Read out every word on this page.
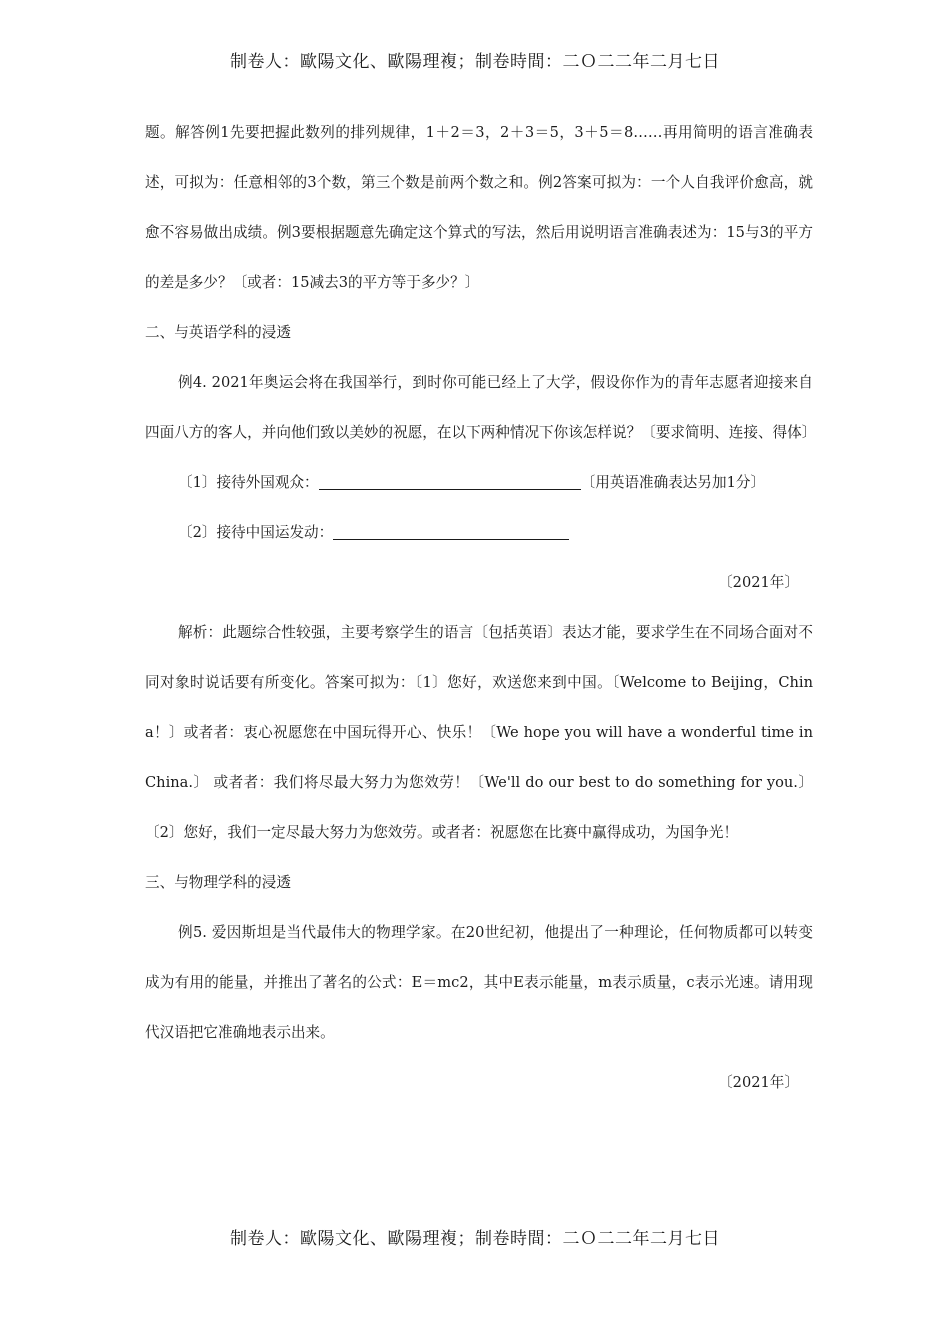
制卷人：歐陽文化、歐陽理複；制卷時間：二Ｏ二二年二月七日

题。解答例1先要把握此数列的排列规律，1＋2＝3，2＋3＝5，3＋5＝8……再用简明的语言准确表述，可拟为：任意相邻的3个数，第三个数是前两个数之和。例2答案可拟为：一个人自我评价愈高，就愈不容易做出成绩。例3要根据题意先确定这个算式的写法，然后用说明语言准确表述为：15与3的平方的差是多少？〔或者：15减去3的平方等于多少？〕

二、与英语学科的浸透

例4. 2021年奥运会将在我国举行，到时你可能已经上了大学，假设你作为的青年志愿者迎接来自四面八方的客人，并向他们致以美妙的祝愿，在以下两种情况下你该怎样说？〔要求简明、连接、得体〕

〔1〕接待外国观众：	〔用英语准确表达另加1分〕

〔2〕接待中国运发动：

〔2021年〕

解析：此题综合性较强，主要考察学生的语言〔包括英语〕表达才能，要求学生在不同场合面对不同对象时说话要有所变化。答案可拟为：〔1〕您好，欢送您来到中国。〔Welcome to Beijing，China！〕或者者：衷心祝愿您在中国玩得开心、快乐！〔We hope you will have a wonderful time in China.〕 或者者：我们将尽最大努力为您效劳！〔We'll do our best to do something for you.〕〔2〕您好，我们一定尽最大努力为您效劳。或者者：祝愿您在比赛中赢得成功，为国争光！

三、与物理学科的浸透

例5. 爱因斯坦是当代最伟大的物理学家。在20世纪初，他提出了一种理论，任何物质都可以转变成为有用的能量，并推出了著名的公式：E＝mc2，其中E表示能量，m表示质量，c表示光速。请用现代汉语把它准确地表示出来。

〔2021年〕

制卷人：歐陽文化、歐陽理複；制卷時間：二Ｏ二二年二月七日
